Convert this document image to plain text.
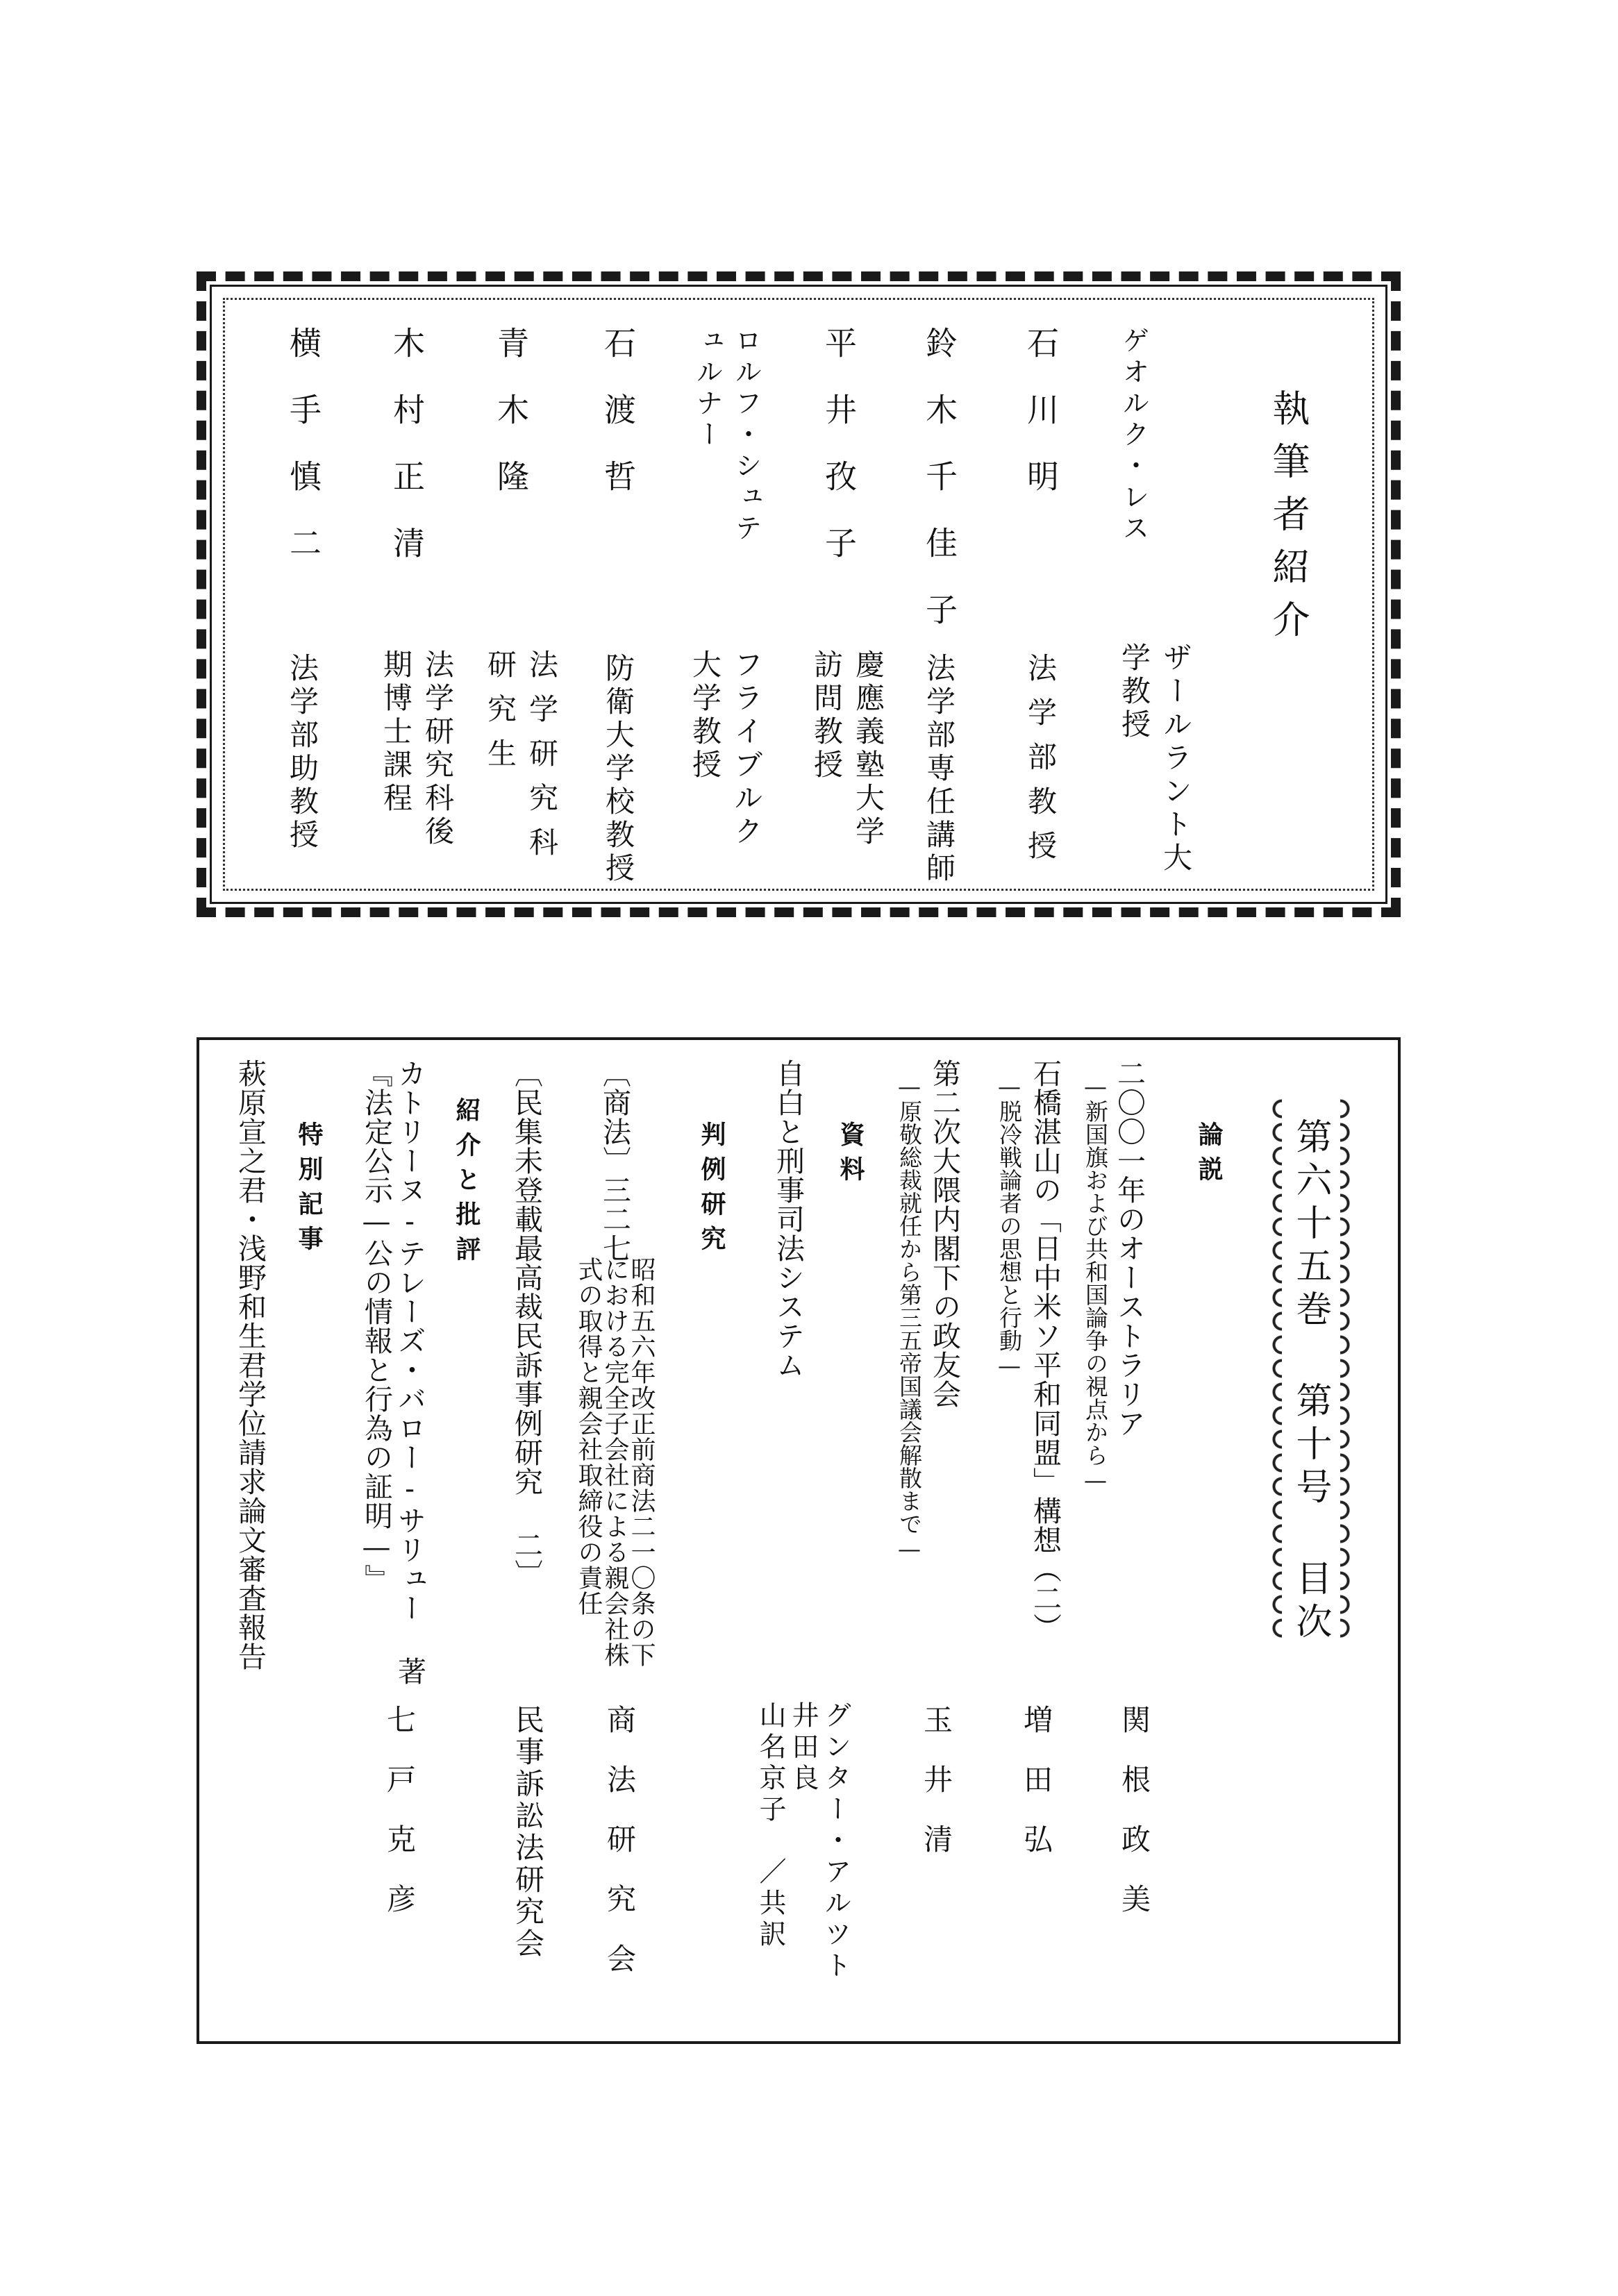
執筆者紹介
ゲオルク・レス
ザールラント大学教授
石川明
法学部教授
鈴木千佳子
法学部専任講師
平井孜子
慶應義塾大学訪問教授
ロルフ・シュテュルナー
フライブルク大学教授
石渡哲
防衛大学校教授
青木隆
法学研究科研究生
木村正清
法学研究科後期博士課程
横手慎二
法学部助教授
第六十五巻 第十号 目次
論説
二〇〇一年のオーストラリア
—新国旗および共和国論争の視点から—
関根政美
石橋湛山の「日中米ソ平和同盟」構想（二）
—脱冷戦論者の思想と行動—
増田弘
資料 第二次大隈内閣下の政友会
—原敬総裁就任から第三五帝国議会解散まで—
玉井清
判例研究 自白と刑事司法システム
グンター・アルツト
井田良
山名京子
／共訳
〔商法〕三二七
昭和五六年改正前商法二一〇条の下における完全子会社による親会社株式の取得と親会社取締役の責任
商法研究会
〔民集未登載最高裁民訴事例研究 二〕
民事訴訟法研究会
紹介と批評
カトリーヌ-テレーズ・バロー-サリュー 著
『法定公示—公の情報と行為の証明—』
七戸克彦
特別記事
萩原宣之君・浅野和生君学位請求論文審査報告
